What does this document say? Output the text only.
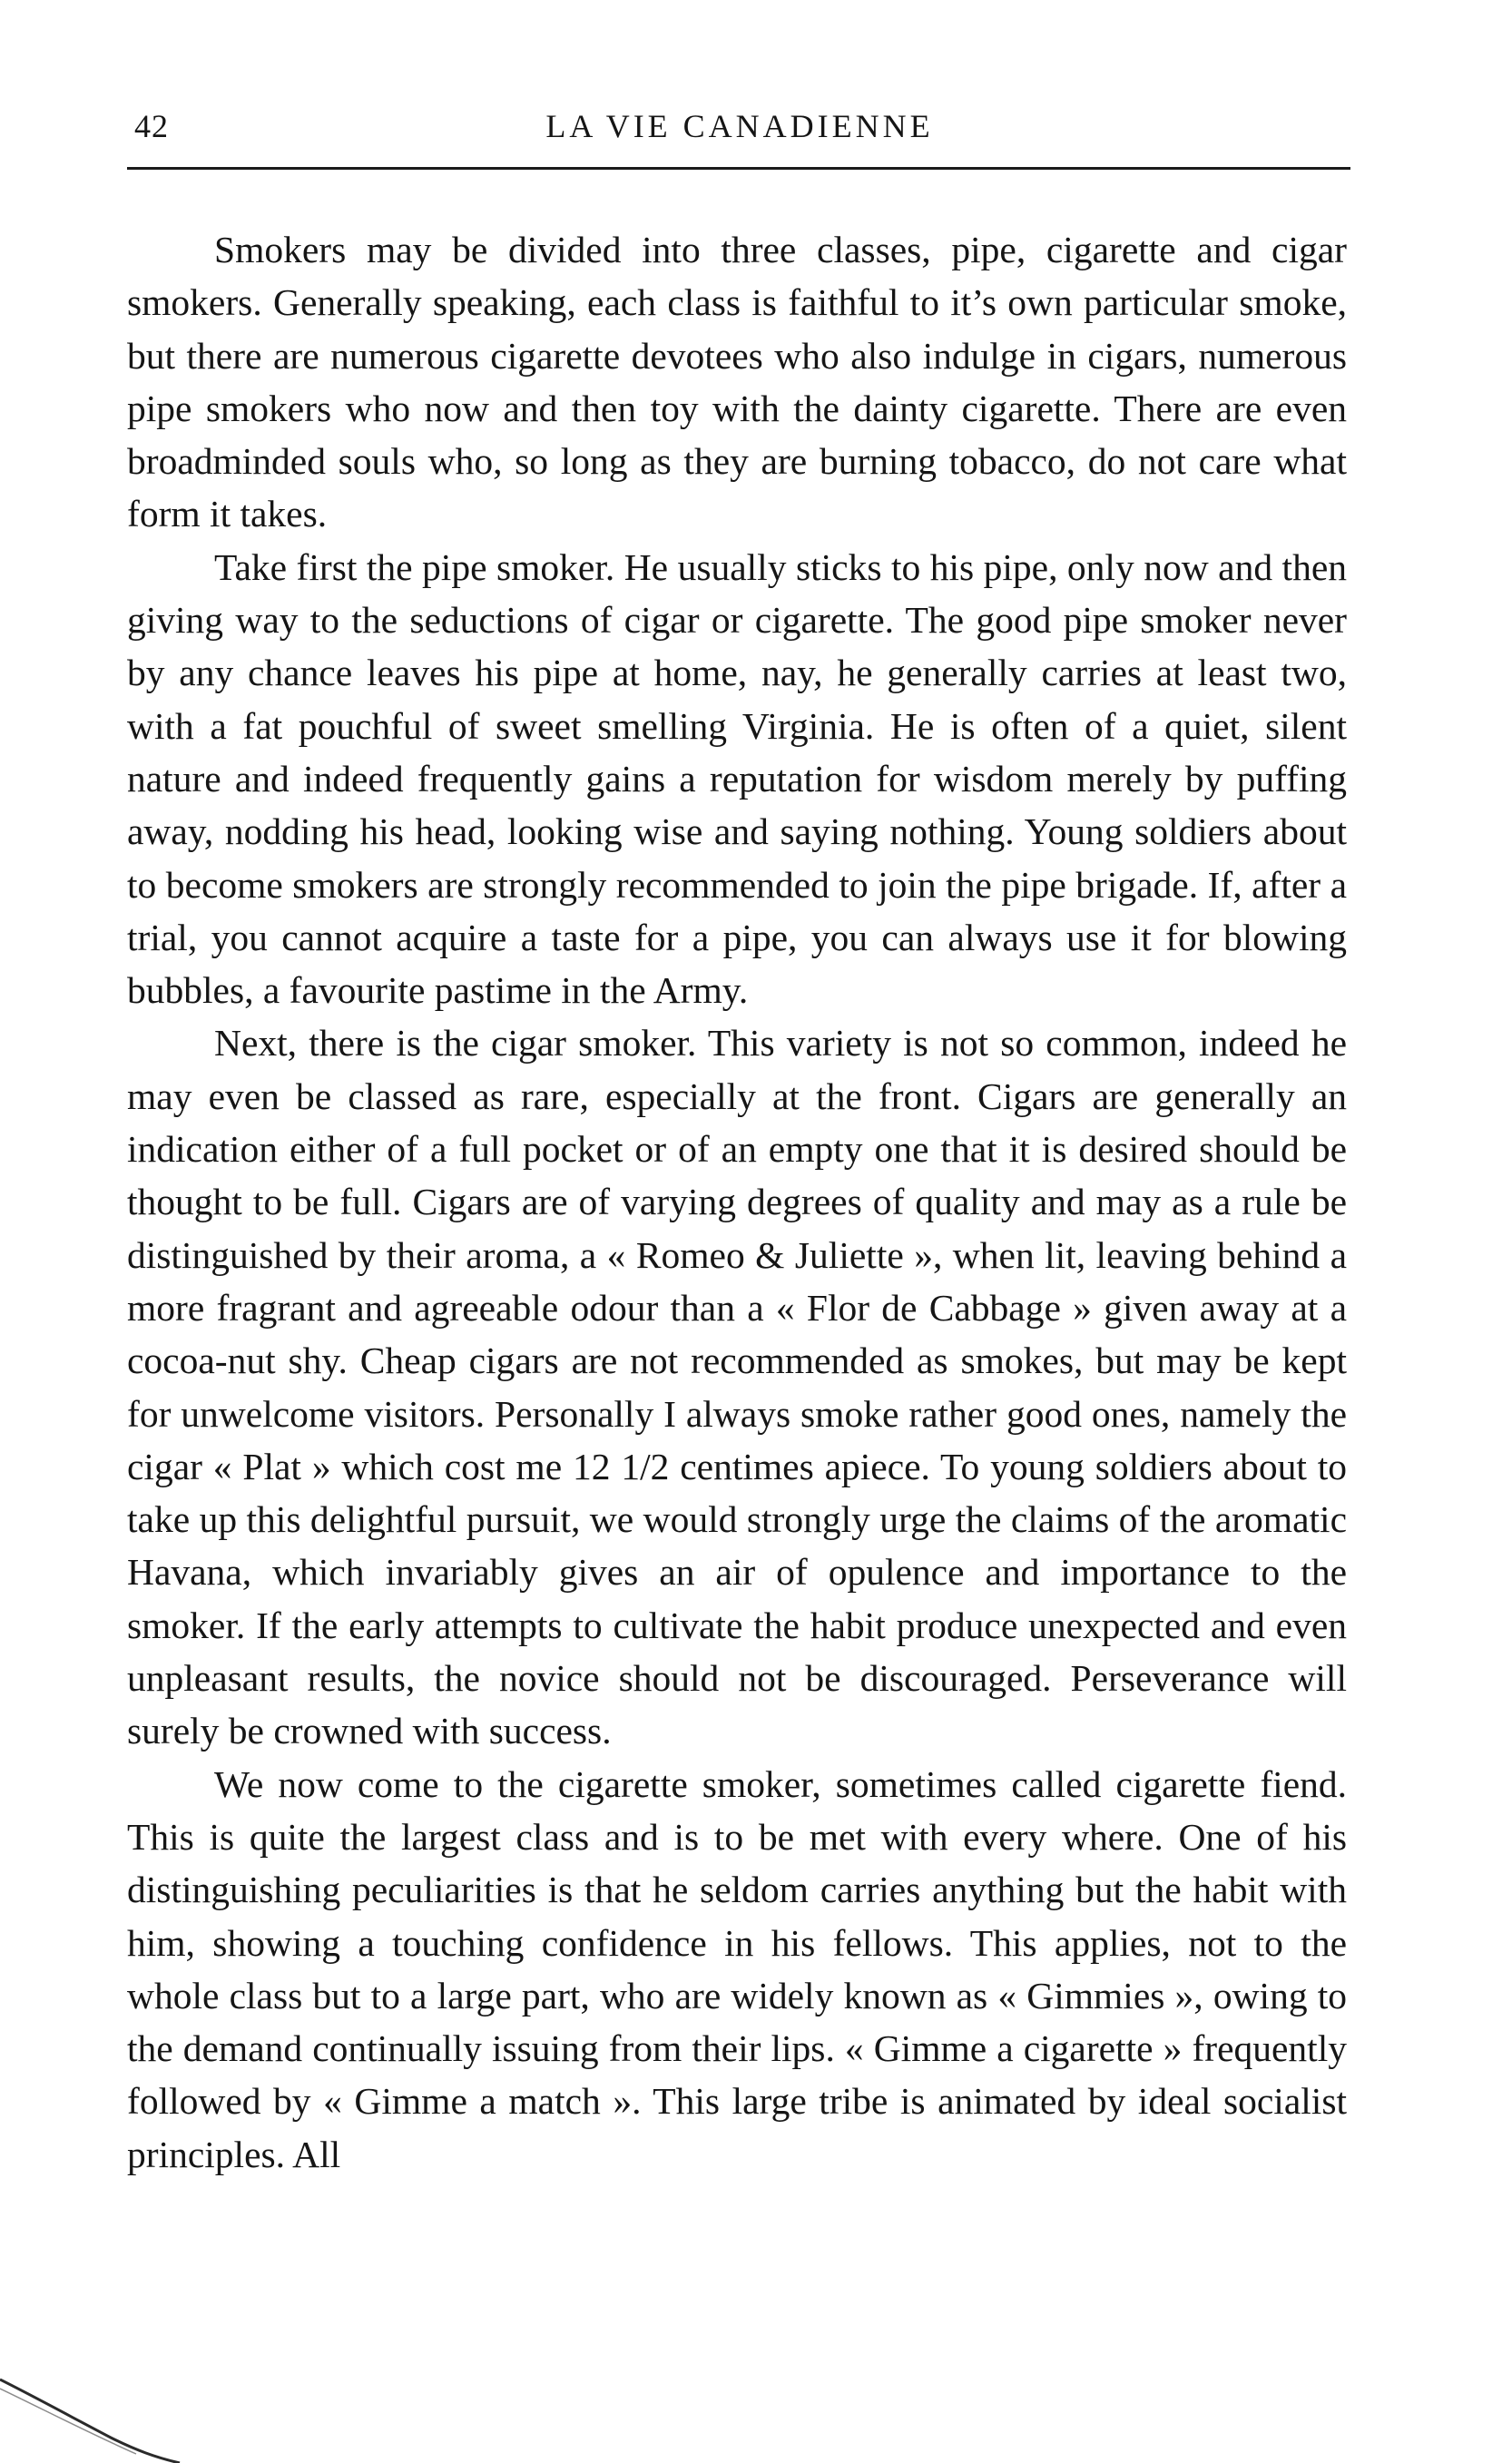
42	LA VIE CANADIENNE

Smokers may be divided into three classes, pipe, cigarette and cigar smokers. Generally speaking, each class is faithful to it’s own particular smoke, but there are numerous cigarette devotees who also indulge in cigars, numerous pipe smokers who now and then toy with the dainty cigarette. There are even broadminded souls who, so long as they are burning tobacco, do not care what form it takes.

Take first the pipe smoker. He usually sticks to his pipe, only now and then giving way to the seductions of cigar or cigarette. The good pipe smoker never by any chance leaves his pipe at home, nay, he generally carries at least two, with a fat pouchful of sweet smelling Virginia. He is often of a quiet, silent nature and indeed frequently gains a reputation for wisdom merely by puffing away, nodding his head, looking wise and saying nothing. Young soldiers about to become smokers are strongly recommended to join the pipe brigade. If, after a trial, you cannot acquire a taste for a pipe, you can always use it for blowing bubbles, a favourite pastime in the Army.

Next, there is the cigar smoker. This variety is not so common, indeed he may even be classed as rare, especially at the front. Cigars are generally an indication either of a full pocket or of an empty one that it is desired should be thought to be full. Cigars are of varying degrees of quality and may as a rule be distinguished by their aroma, a « Romeo & Juliette », when lit, leaving behind a more fragrant and agreeable odour than a « Flor de Cabbage » given away at a cocoa-nut shy. Cheap cigars are not recommended as smokes, but may be kept for unwelcome visitors. Personally I always smoke rather good ones, namely the cigar « Plat » which cost me 12 1/2 centimes apiece. To young soldiers about to take up this delightful pursuit, we would strongly urge the claims of the aromatic Havana, which invariably gives an air of opulence and importance to the smoker. If the early attempts to cultivate the habit produce unexpected and even unpleasant results, the novice should not be discouraged. Perseverance will surely be crowned with success.

We now come to the cigarette smoker, sometimes called cigarette fiend. This is quite the largest class and is to be met with every where. One of his distinguishing peculiarities is that he seldom carries anything but the habit with him, showing a touching confidence in his fellows. This applies, not to the whole class but to a large part, who are widely known as « Gimmies », owing to the demand continually issuing from their lips. « Gimme a cigarette » frequently followed by « Gimme a match ». This large tribe is animated by ideal socialist principles. All
